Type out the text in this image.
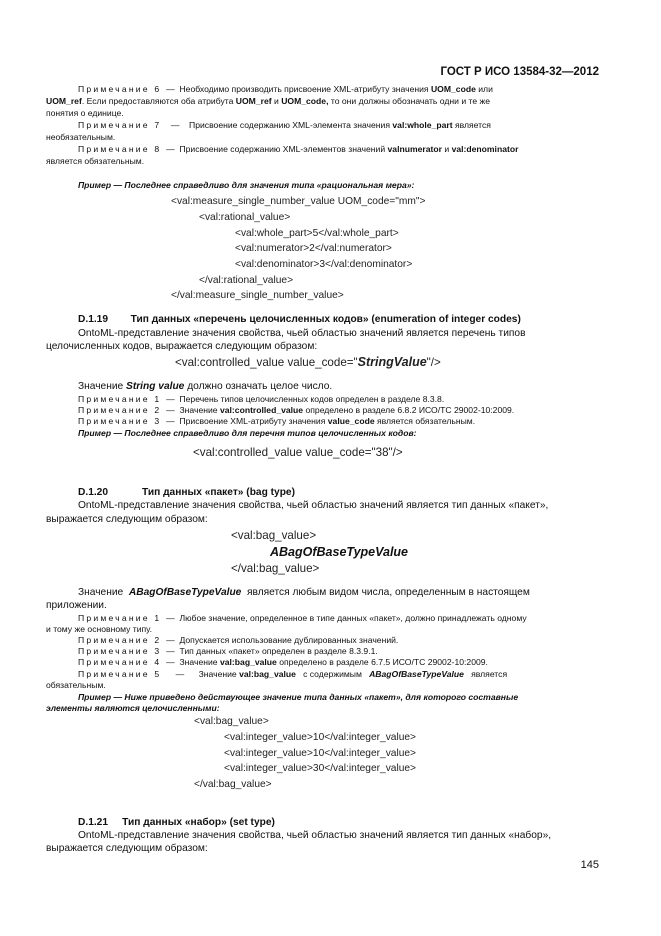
ГОСТ Р ИСО 13584-32—2012
Примечание 6 — Необходимо производить присвоение XML-атрибуту значения UOM_code или
UOM_ref. Если предоставляются оба атрибута UOM_ref и UOM_code, то они должны обозначать одни и те же
понятия о единице.
Примечание 7 — Присвоение содержанию XML-элемента значения val:whole_part является
необязательным.
Примечание 8 — Присвоение содержанию XML-элементов значений valnumerator и val:denominator
является обязательным.
Пример — Последнее справедливо для значения типа «рациональная мера»:
<val:measure_single_number_value UOM_code="mm">
<val:rational_value>
<val:whole_part>5</val:whole_part>
<val:numerator>2</val:numerator>
<val:denominator>3</val:denominator>
</val:rational_value>
</val:measure_single_number_value>
D.1.19 Тип данных «перечень целочисленных кодов» (enumeration of integer codes)
OntoML-представление значения свойства, чьей областью значений является перечень типов
целочисленных кодов, выражается следующим образом:
<val:controlled_value value_code="StringValue"/>
Значение String value должно означать целое число.
Примечание 1 — Перечень типов целочисленных кодов определен в разделе 8.3.8.
Примечание 2 — Значение val:controlled_value определено в разделе 6.8.2 ИСО/ТС 29002-10:2009.
Примечание 3 — Присвоение XML-атрибуту значения value_code является обязательным.
Пример — Последнее справедливо для перечня типов целочисленных кодов:
<val:controlled_value value_code="38"/>
D.1.20	Тип данных «пакет» (bag type)
OntoML-представление значения свойства, чьей областью значений является тип данных «пакет»,
выражается следующим образом:
<val:bag_value>
ABagOfBaseTypeValue
</val:bag_value>
Значение ABagOfBaseTypeValue является любым видом числа, определенным в настоящем
приложении.
Примечание 1 — Любое значение, определенное в типе данных «пакет», должно принадлежать одному
и тому же основному типу.
Примечание 2 — Допускается использование дублированных значений.
Примечание 3 — Тип данных «пакет» определен в разделе 8.3.9.1.
Примечание 4 — Значение val:bag_value определено в разделе 6.7.5 ИСО/ТС 29002-10:2009.
Примечание 5 — Значение val:bag_value с содержимым ABagOfBaseTypeValue является
обязательным.
Пример — Ниже приведено действующее значение типа данных «пакет», для которого составные
элементы являются целочисленными:
<val:bag_value>
<val:integer_value>10</val:integer_value>
<val:integer_value>10</val:integer_value>
<val:integer_value>30</val:integer_value>
</val:bag_value>
D.1.21 Тип данных «набор» (set type)
OntoML-представление значения свойства, чьей областью значений является тип данных «набор»,
выражается следующим образом:
145
